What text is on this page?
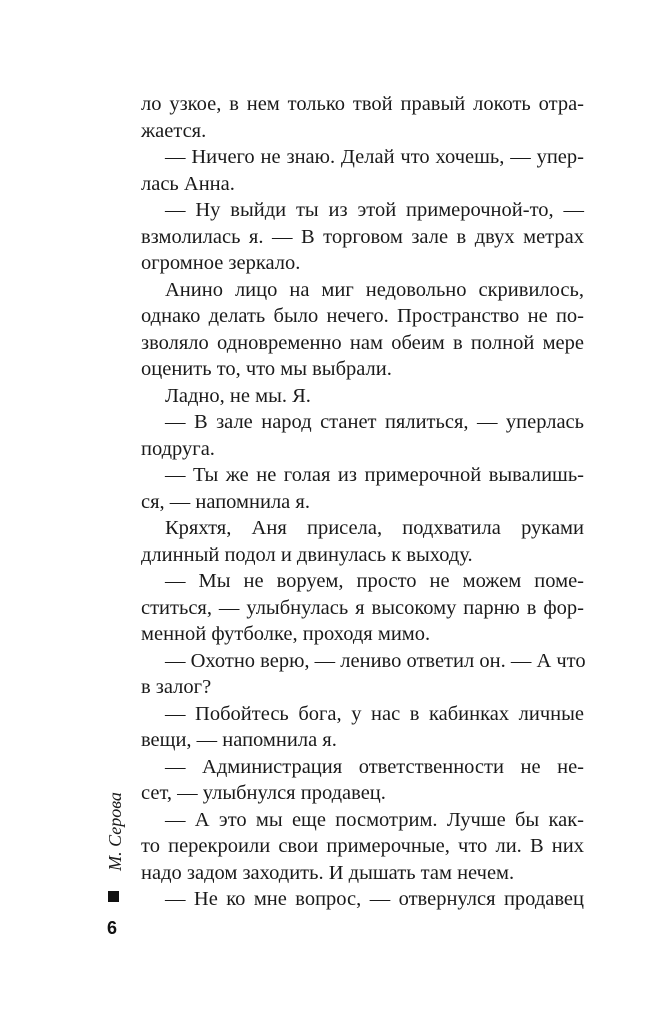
ло узкое, в нем только твой правый локоть отра-
жается.
— Ничего не знаю. Делай что хочешь, — упер-
лась Анна.
— Ну выйди ты из этой примерочной-то, —
взмолилась я. — В торговом зале в двух метрах
огромное зеркало.
Анино лицо на миг недовольно скривилось,
однако делать было нечего. Пространство не по-
зволяло одновременно нам обеим в полной мере
оценить то, что мы выбрали.
Ладно, не мы. Я.
— В зале народ станет пялиться, — уперлась
подруга.
— Ты же не голая из примерочной вывалишь-
ся, — напомнила я.
Кряхтя, Аня присела, подхватила руками
длинный подол и двинулась к выходу.
— Мы не воруем, просто не можем поме-
ститься, — улыбнулась я высокому парню в фор-
менной футболке, проходя мимо.
— Охотно верю, — лениво ответил он. — А что
в залог?
— Побойтесь бога, у нас в кабинках личные
вещи, — напомнила я.
— Администрация ответственности не не-
сет, — улыбнулся продавец.
— А это мы еще посмотрим. Лучше бы как-
то перекроили свои примерочные, что ли. В них
надо задом заходить. И дышать там нечем.
— Не ко мне вопрос, — отвернулся продавец
М. Серова
6
